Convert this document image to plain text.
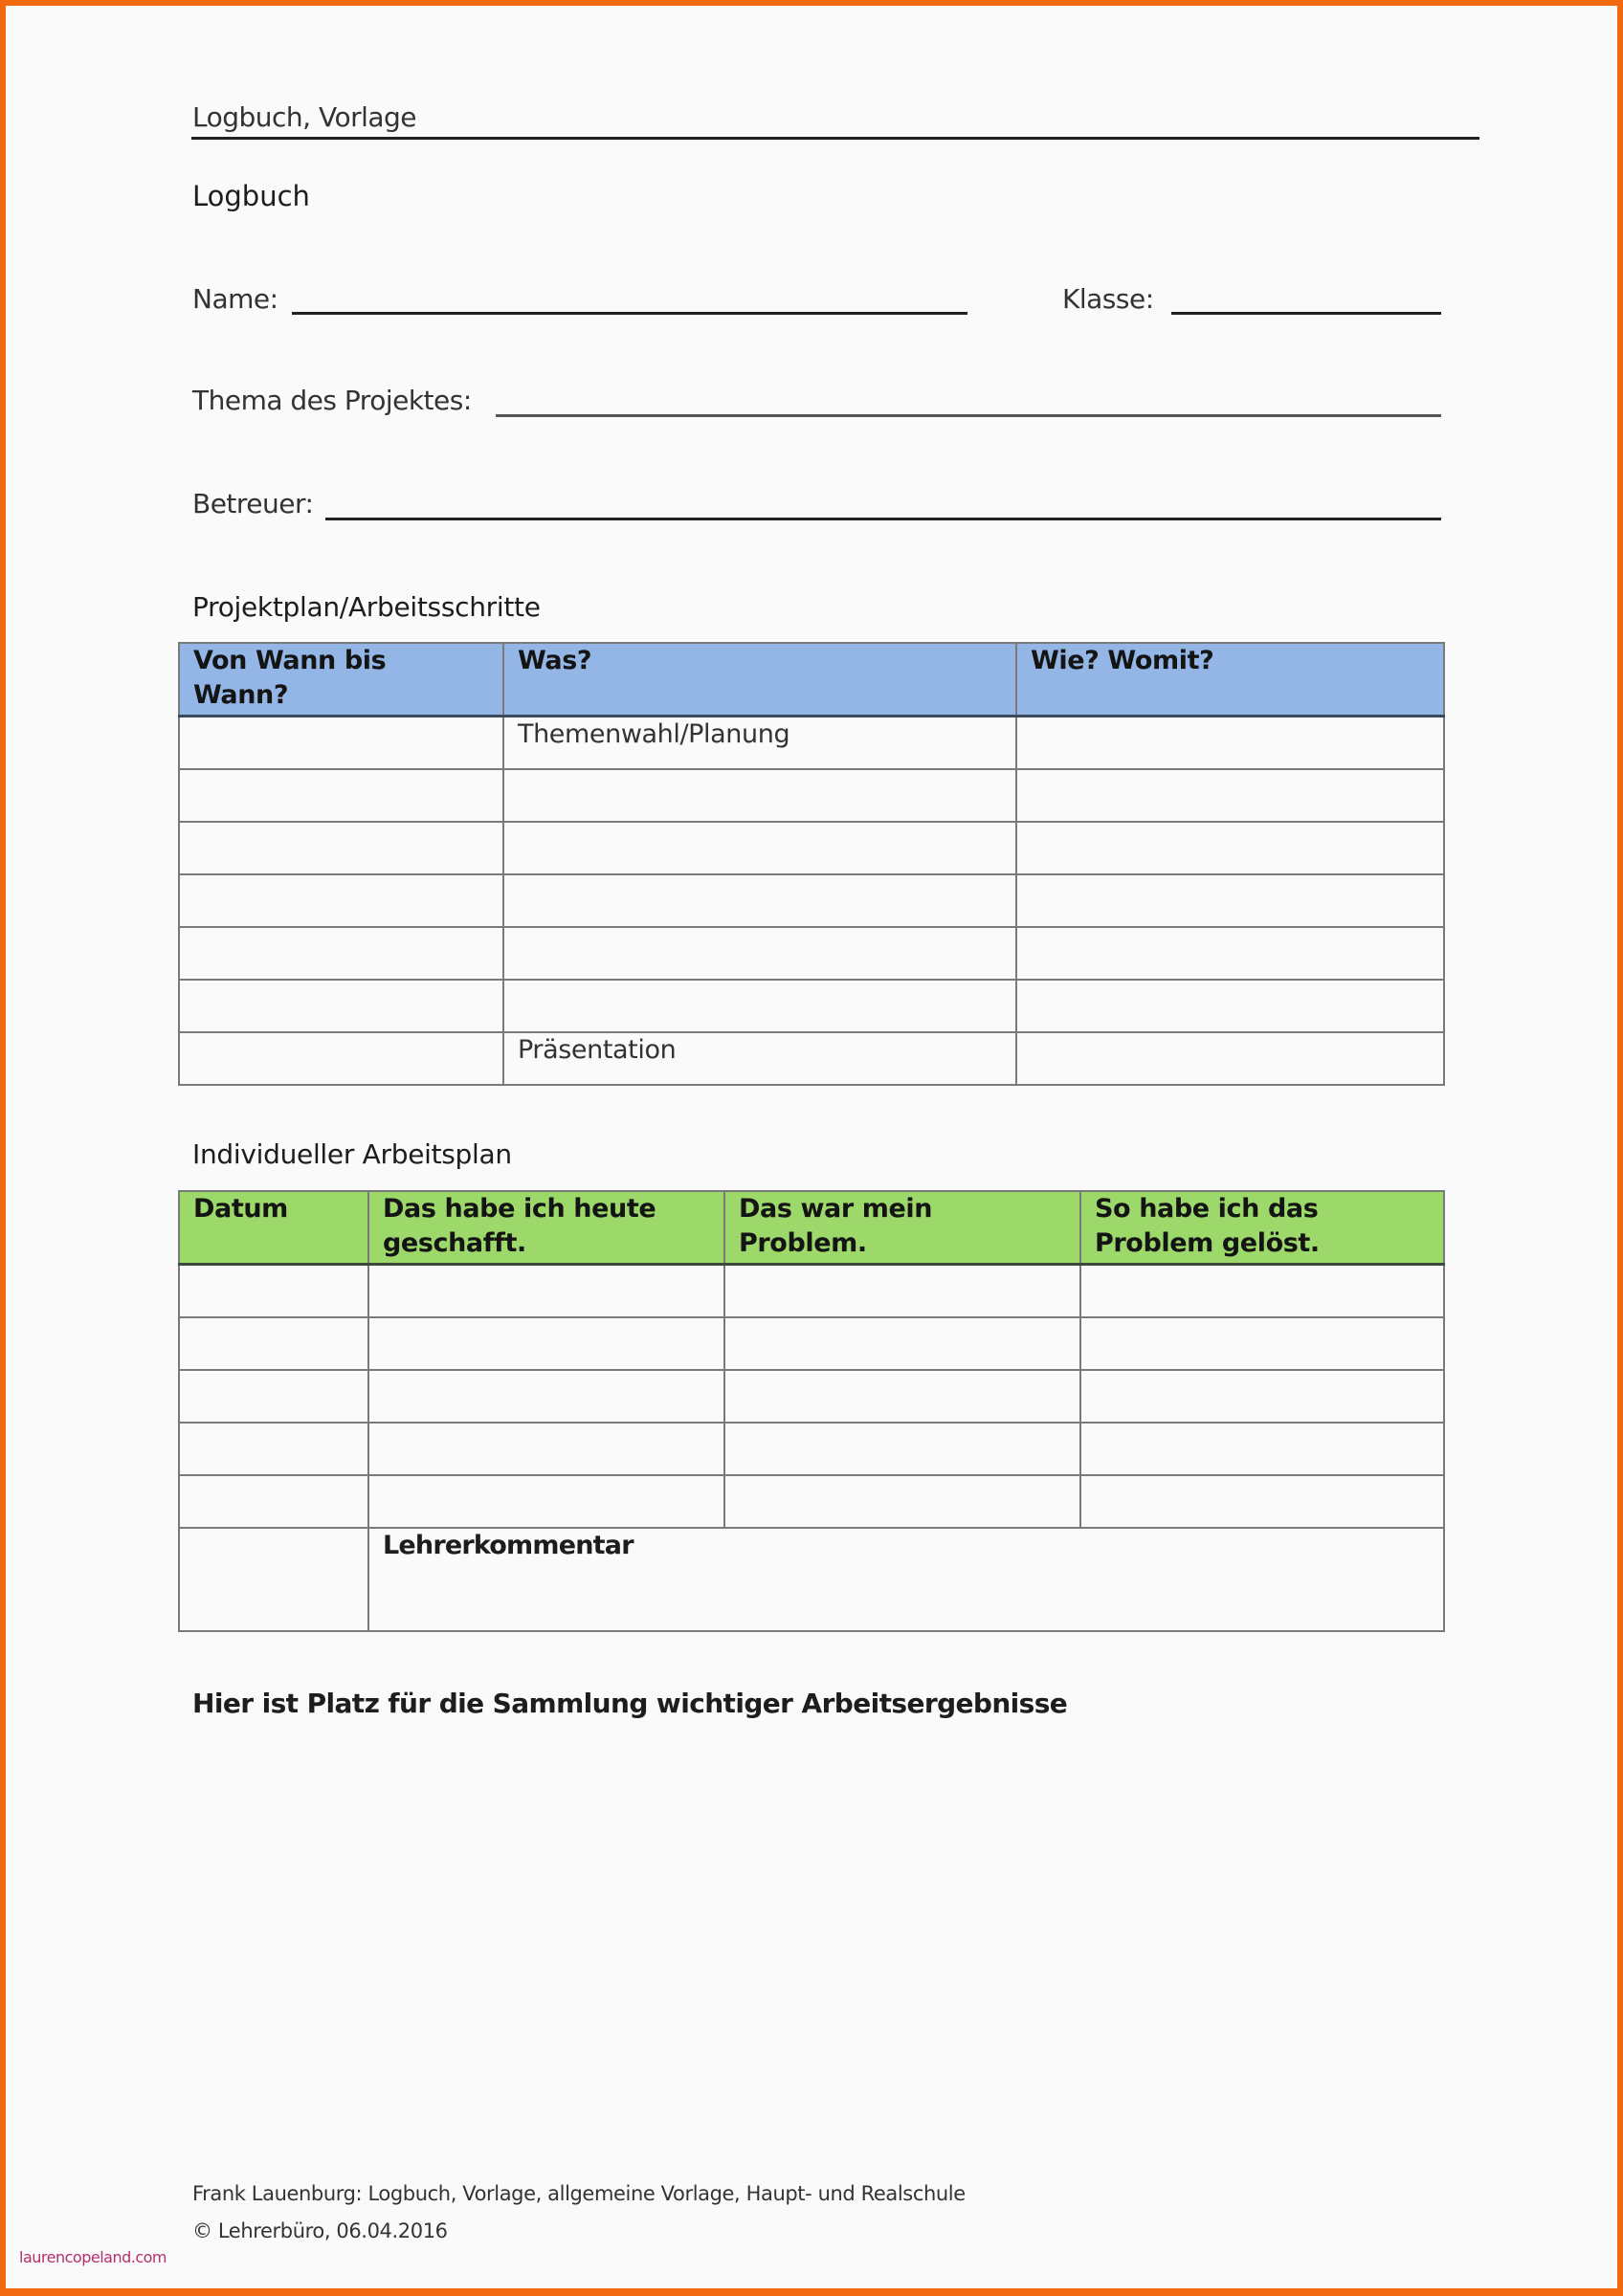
Logbuch, Vorlage
Logbuch
Name:	Klasse:
Thema des Projektes:
Betreuer:
Projektplan/Arbeitsschritte
Von Wann bis Wann?	Was?	Wie? Womit?
	Themenwahl/Planung	

	Präsentation	
Individueller Arbeitsplan
Datum	Das habe ich heute geschafft.	Das war mein Problem.	So habe ich das Problem gelöst.

	Lehrerkommentar		
Hier ist Platz für die Sammlung wichtiger Arbeitsergebnisse
Frank Lauenburg: Logbuch, Vorlage, allgemeine Vorlage, Haupt- und Realschule
© Lehrerbüro, 06.04.2016
laurencopeland.com
